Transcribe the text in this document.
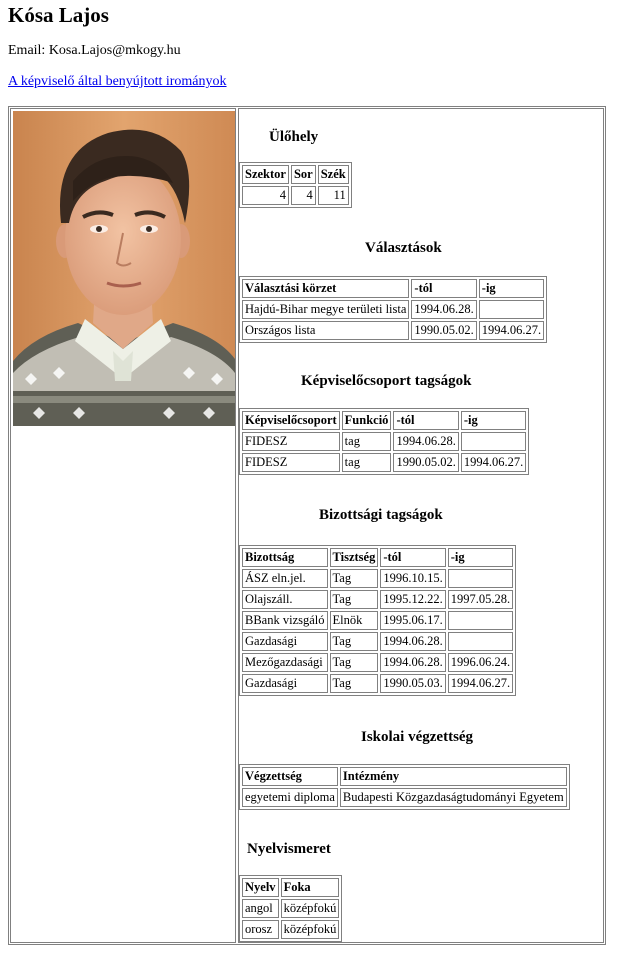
Kósa Lajos
Email: Kosa.Lajos@mkogy.hu
A képviselő által benyújtott irományok
Ülőhely
Szektor	Sor	Szék
4	4	11
Választások
Választási körzet	-tól	-ig
Hajdú-Bihar megye területi lista	1994.06.28.	
Országos lista	1990.05.02.	1994.06.27.
Képviselőcsoport tagságok
Képviselőcsoport	Funkció	-tól	-ig
FIDESZ	tag	1994.06.28.	
FIDESZ	tag	1990.05.02.	1994.06.27.
Bizottsági tagságok
Bizottság	Tisztség	-tól	-ig
ÁSZ eln.jel.	Tag	1996.10.15.	
Olajszáll.	Tag	1995.12.22.	1997.05.28.
BBank vizsgáló	Elnök	1995.06.17.	
Gazdasági	Tag	1994.06.28.	
Mezőgazdasági	Tag	1994.06.28.	1996.06.24.
Gazdasági	Tag	1990.05.03.	1994.06.27.
Iskolai végzettség
Végzettség	Intézmény
egyetemi diploma	Budapesti Közgazdaságtudományi Egyetem
Nyelvismeret
Nyelv	Foka
angol	középfokú
orosz	középfokú
